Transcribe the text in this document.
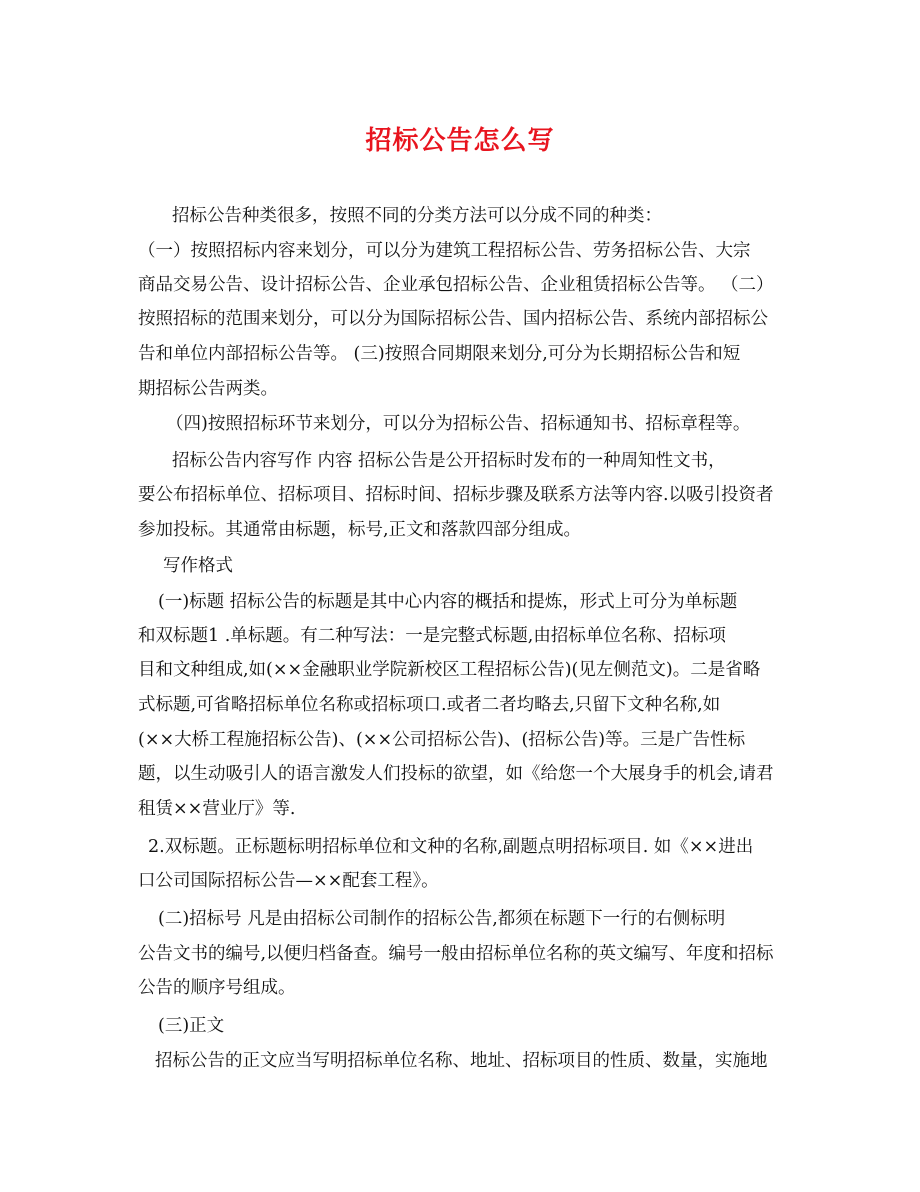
招标公告怎么写
招标公告种类很多，按照不同的分类方法可以分成不同的种类：
（一）按照招标内容来划分，可以分为建筑工程招标公告、劳务招标公告、大宗
商品交易公告、设计招标公告、企业承包招标公告、企业租赁招标公告等。 （二）
按照招标的范围来划分，可以分为国际招标公告、国内招标公告、系统内部招标公
告和单位内部招标公告等。 (三)按照合同期限来划分,可分为长期招标公告和短
期招标公告两类。
（四)按照招标环节来划分，可以分为招标公告、招标通知书、招标章程等。
招标公告内容写作 内容 招标公告是公开招标时发布的一种周知性文书，
要公布招标单位、招标项目、招标时间、招标步骤及联系方法等内容.以吸引投资者
参加投标。其通常由标题，标号,正文和落款四部分组成。
写作格式
(一)标题 招标公告的标题是其中心内容的概括和提炼，形式上可分为单标题
和双标题1 .单标题。有二种写法：一是完整式标题,由招标单位名称、招标项
目和文种组成,如(××金融职业学院新校区工程招标公告)(见左侧范文)。二是省略
式标题,可省略招标单位名称或招标项口.或者二者均略去,只留下文种名称,如
(××大桥工程施招标公告)、(××公司招标公告)、(招标公告)等。三是广告性标
题，以生动吸引人的语言激发人们投标的欲望，如《给您一个大展身手的机会,请君
租赁××营业厅》等.
2.双标题。正标题标明招标单位和文种的名称,副题点明招标项目. 如《××进出
口公司国际招标公告—××配套工程》。
(二)招标号 凡是由招标公司制作的招标公告,都须在标题下一行的右侧标明
公告文书的编号,以便归档备查。编号一般由招标单位名称的英文编写、年度和招标
公告的顺序号组成。
(三)正文
招标公告的正文应当写明招标单位名称、地址、招标项目的性质、数量，实施地
